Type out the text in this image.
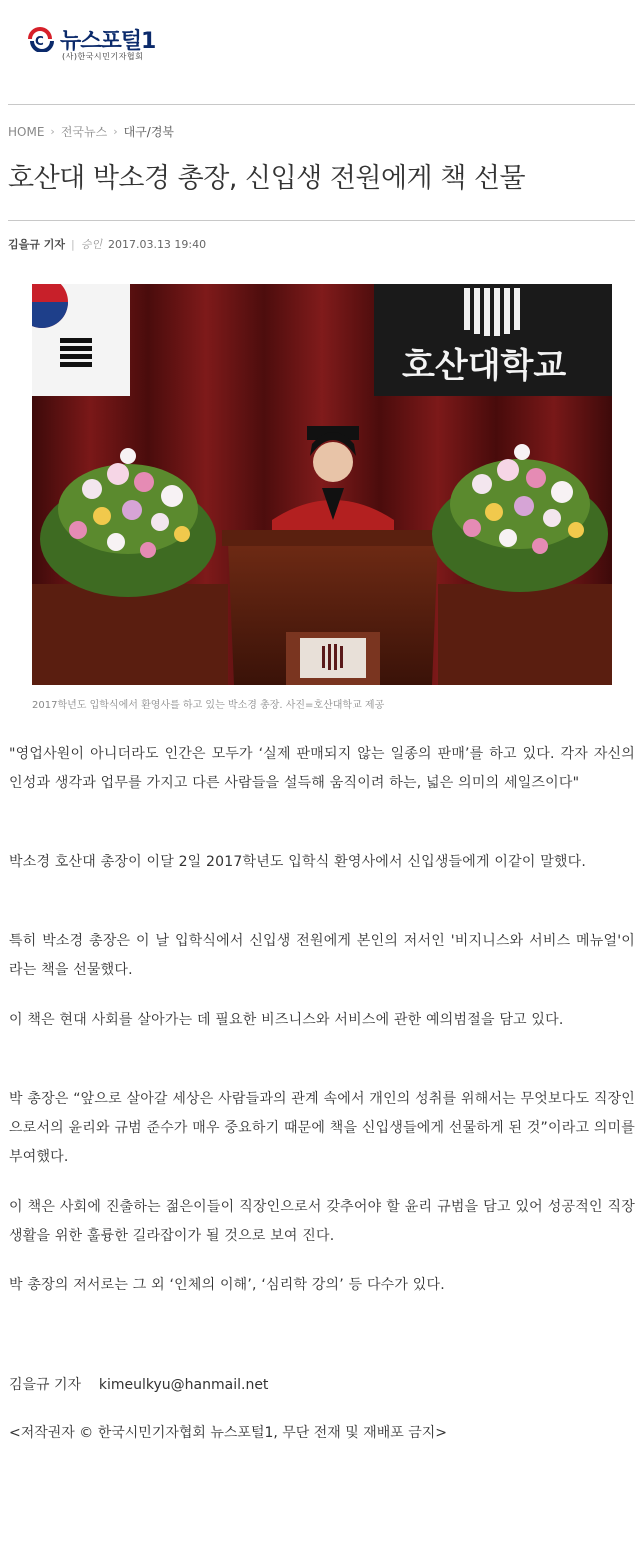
C 뉴스포털1
(사)한국시민기자협회
HOME › 전국뉴스 › 대구/경북
호산대 박소경 총장, 신입생 전원에게 책 선물
김을규 기자 | 승인 2017.03.13 19:40
호산대학교
2017학년도 입학식에서 환영사를 하고 있는 박소경 총장. 사진=호산대학교 제공

"영업사원이 아니더라도 인간은 모두가 ‘실제 판매되지 않는 일종의 판매’를 하고 있다. 각자 자신의 인성과 생각과 업무를 가지고 다른 사람들을 설득해 움직이려 하는, 넓은 의미의 세일즈이다"

박소경 호산대 총장이 이달 2일 2017학년도 입학식 환영사에서 신입생들에게 이같이 말했다.

특히 박소경 총장은 이 날 입학식에서 신입생 전원에게 본인의 저서인 '비지니스와 서비스 메뉴얼'이라는 책을 선물했다.

이 책은 현대 사회를 살아가는 데 필요한 비즈니스와 서비스에 관한 예의범절을 담고 있다.

박 총장은 “앞으로 살아갈 세상은 사람들과의 관계 속에서 개인의 성취를 위해서는 무엇보다도 직장인으로서의 윤리와 규범 준수가 매우 중요하기 때문에 책을 신입생들에게 선물하게 된 것”이라고 의미를 부여했다.

이 책은 사회에 진출하는 젊은이들이 직장인으로서 갖추어야 할 윤리 규범을 담고 있어 성공적인 직장생활을 위한 훌륭한 길라잡이가 될 것으로 보여 진다.

박 총장의 저서로는 그 외 ‘인체의 이해’, ‘심리학 강의’ 등 다수가 있다.

김을규 기자 kimeulkyu@hanmail.net
<저작권자 © 한국시민기자협회 뉴스포털1, 무단 전재 및 재배포 금지>
